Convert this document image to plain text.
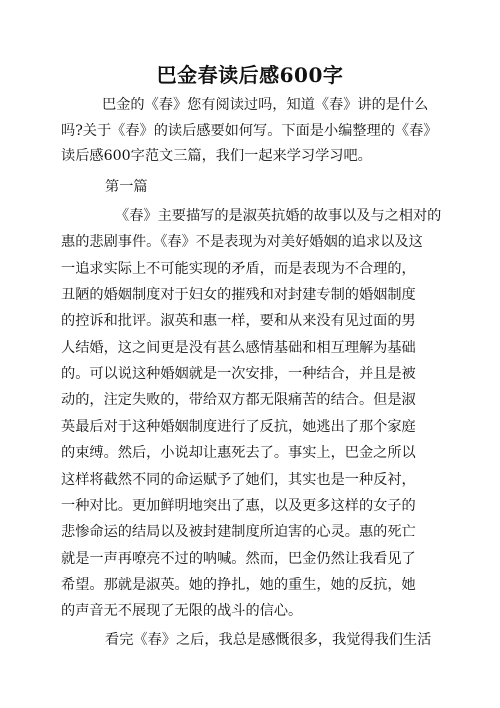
巴金春读后感600字
巴金的《春》您有阅读过吗，知道《春》讲的是什么
吗?关于《春》的读后感要如何写。下面是小编整理的《春》
读后感600字范文三篇，我们一起来学习学习吧。
第一篇
《春》主要描写的是淑英抗婚的故事以及与之相对的
惠的悲剧事件。《春》不是表现为对美好婚姻的追求以及这
一追求实际上不可能实现的矛盾，而是表现为不合理的，
丑陋的婚姻制度对于妇女的摧残和对封建专制的婚姻制度
的控诉和批评。淑英和惠一样，要和从来没有见过面的男
人结婚，这之间更是没有甚么感情基础和相互理解为基础
的。可以说这种婚姻就是一次安排，一种结合，并且是被
动的，注定失败的，带给双方都无限痛苦的结合。但是淑
英最后对于这种婚姻制度进行了反抗，她逃出了那个家庭
的束缚。然后，小说却让惠死去了。事实上，巴金之所以
这样将截然不同的命运赋予了她们，其实也是一种反衬，
一种对比。更加鲜明地突出了惠，以及更多这样的女子的
悲惨命运的结局以及被封建制度所迫害的心灵。惠的死亡
就是一声再嘹亮不过的呐喊。然而，巴金仍然让我看见了
希望。那就是淑英。她的挣扎，她的重生，她的反抗，她
的声音无不展现了无限的战斗的信心。
看完《春》之后，我总是感慨很多，我觉得我们生活
